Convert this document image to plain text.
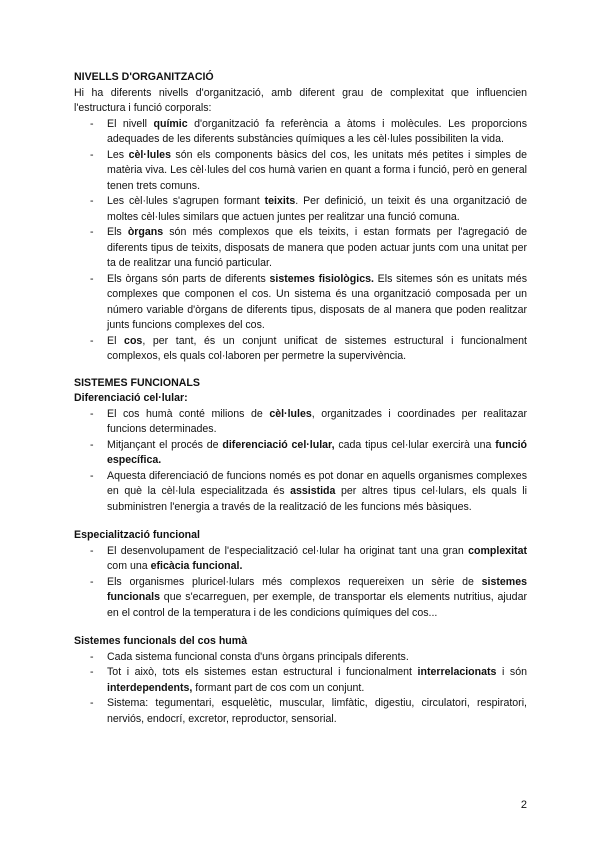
NIVELLS D'ORGANITZACIÓ

Hi ha diferents nivells d'organització, amb diferent grau de complexitat que influencien l'estructura i funció corporals:

- El nivell químic d'organització fa referència a àtoms i molècules. Les proporcions adequades de les diferents substàncies químiques a les cèl·lules possibiliten la vida.
- Les cèl·lules són els components bàsics del cos, les unitats més petites i simples de matèria viva. Les cèl·lules del cos humà varien en quant a forma i funció, però en general tenen trets comuns.
- Les cèl·lules s'agrupen formant teixits. Per definició, un teixit és una organització de moltes cèl·lules similars que actuen juntes per realitzar una funció comuna.
- Els òrgans són més complexos que els teixits, i estan formats per l'agregació de diferents tipus de teixits, disposats de manera que poden actuar junts com una unitat per ta de realitzar una funció particular.
- Els òrgans són parts de diferents sistemes fisiològics. Els sitemes són es unitats més complexes que componen el cos. Un sistema és una organització composada per un número variable d'òrgans de diferents tipus, disposats de al manera que poden realitzar junts funcions complexes del cos.
- El cos, per tant, és un conjunt unificat de sistemes estructural i funcionalment complexos, els quals col·laboren per permetre la supervivència.
SISTEMES FUNCIONALS
Diferenciació cel·lular:
- El cos humà conté milions de cèl·lules, organitzades i coordinades per realitazar funcions determinades.
- Mitjançant el procés de diferenciació cel·lular, cada tipus cel·lular exercirà una funció específica.
- Aquesta diferenciació de funcions només es pot donar en aquells organismes complexes en què la cèl·lula especialitzada és assistida per altres tipus cel·lulars, els quals li subministren l'energia a través de la realització de les funcions més bàsiques.
Especialització funcional
- El desenvolupament de l'especialització cel·lular ha originat tant una gran complexitat com una eficàcia funcional.
- Els organismes pluricel·lulars més complexos requereixen un sèrie de sistemes funcionals que s'ecarreguen, per exemple, de transportar els elements nutritius, ajudar en el control de la temperatura i de les condicions químiques del cos...
Sistemes funcionals del cos humà
- Cada sistema funcional consta d'uns òrgans principals diferents.
- Tot i això, tots els sistemes estan estructural i funcionalment interrelacionats i són interdependents, formant part de cos com un conjunt.
- Sistema: tegumentari, esquelètic, muscular, limfàtic, digestiu, circulatori, respiratori, nerviós, endocrí, excretor, reproductor, sensorial.
2
